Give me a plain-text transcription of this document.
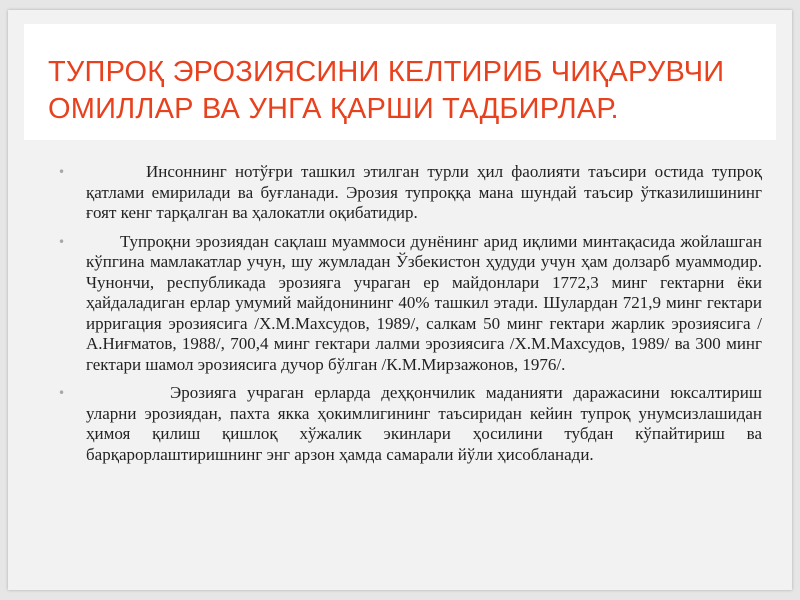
ТУПРОҚ ЭРОЗИЯСИНИ КЕЛТИРИБ ЧИҚАРУВЧИ ОМИЛЛАР ВА УНГА ҚАРШИ ТАДБИРЛАР.

•	Инсоннинг нотўғри ташкил этилган турли ҳил фаолияти таъсири остида тупроқ қатлами емирилади ва буғланади. Эрозия тупроққа мана шундай таъсир ўтказилишининг ғоят кенг тарқалган ва ҳалокатли оқибатидир.

•	Тупроқни эрозиядан сақлаш муаммоси дунёнинг арид иқлими минтақасида жойлашган кўпгина мамлакатлар учун, шу жумладан Ўзбекистон ҳудуди учун ҳам долзарб муаммодир. Чунончи, республикада эрозияга учраган ер майдонлари 1772,3 минг гектарни ёки ҳайдаладиган ерлар умумий майдонининг 40% ташкил этади. Шулардан 721,9 минг гектари ирригация эрозиясига /Х.М.Махсудов, 1989/, салкам 50 минг гектари жарлик эрозиясига /А.Ниғматов, 1988/, 700,4 минг гектари лалми эрозиясига /Х.М.Махсудов, 1989/ ва 300 минг гектари шамол эрозиясига дучор бўлган /К.М.Мирзажонов, 1976/.

•	Эрозияга учраган ерларда деҳқончилик маданияти даражасини юксалтириш уларни эрозиядан, пахта якка ҳокимлигининг таъсиридан кейин тупроқ унумсизлашидан ҳимоя қилиш қишлоқ хўжалик экинлари ҳосилини тубдан кўпайтириш ва барқарорлаштиришнинг энг арзон ҳамда самарали йўли ҳисобланади.
